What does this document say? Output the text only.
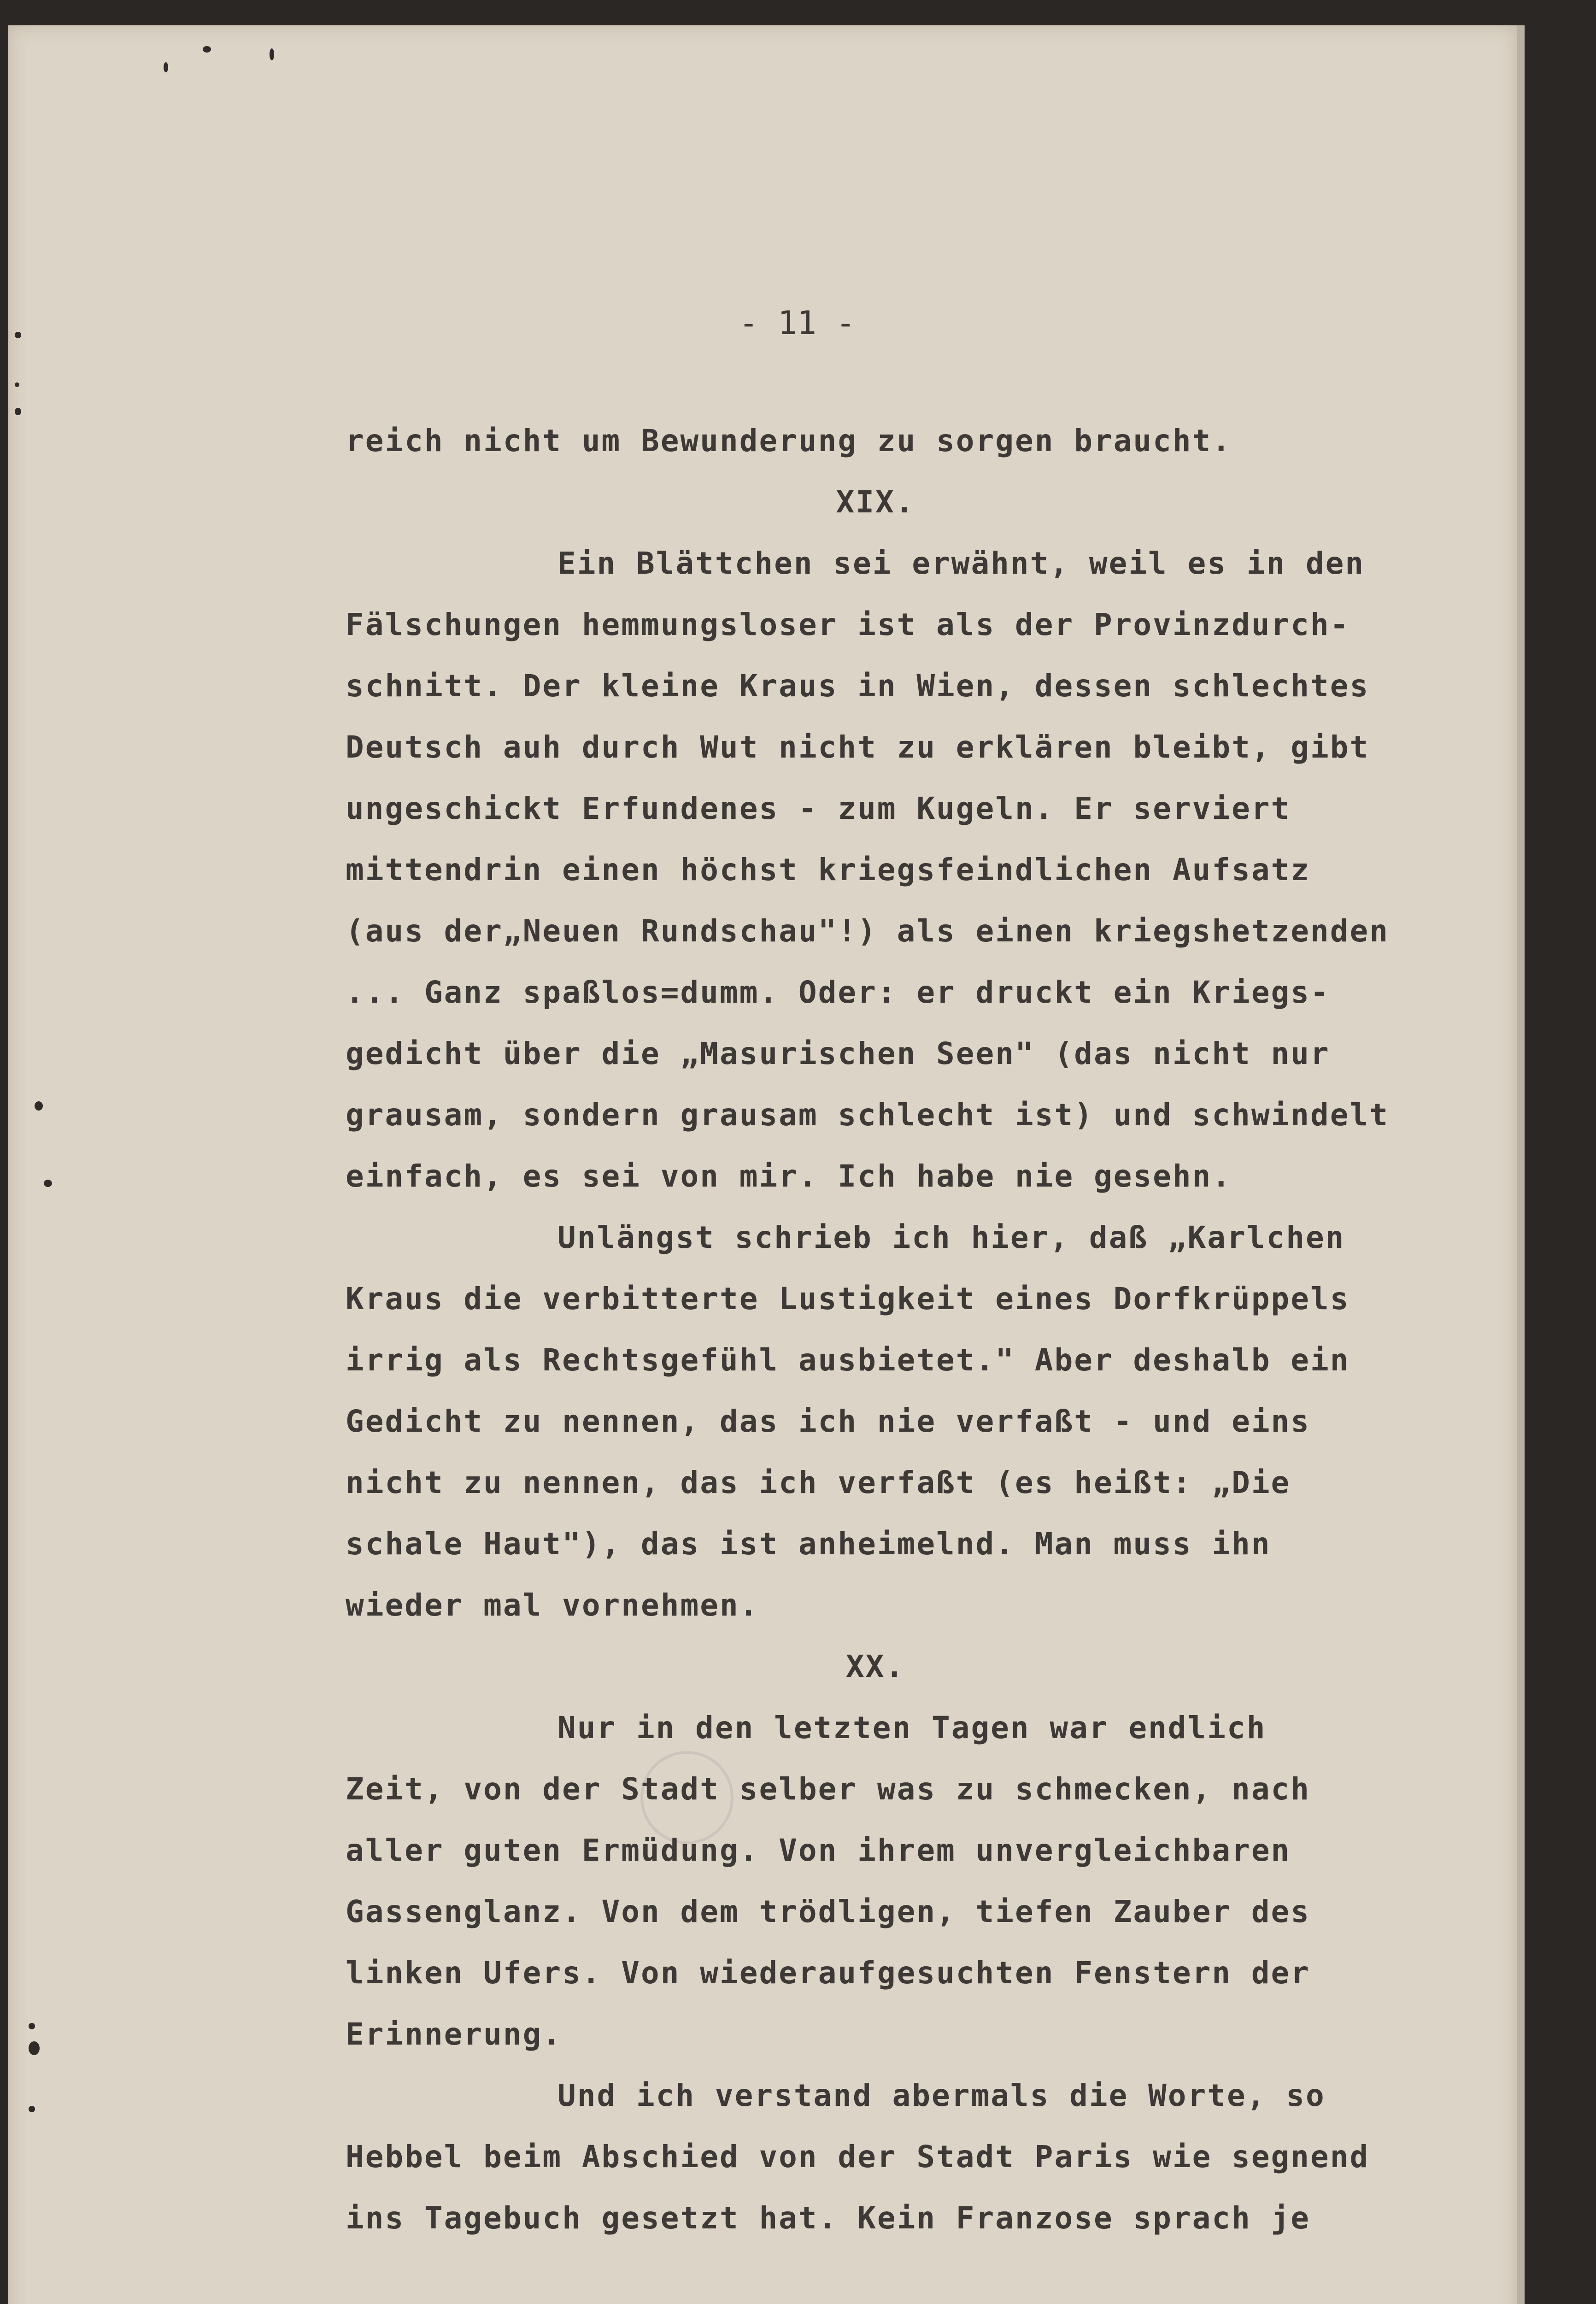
- 11 -
reich nicht um Bewunderung zu sorgen braucht.
XIX.
Ein Blättchen sei erwähnt, weil es in den
Fälschungen hemmungsloser ist als der Provinzdurch-
schnitt. Der kleine Kraus in Wien, dessen schlechtes
Deutsch auh durch Wut nicht zu erklären bleibt, gibt
ungeschickt Erfundenes - zum Kugeln. Er serviert
mittendrin einen höchst kriegsfeindlichen Aufsatz
(aus der„Neuen Rundschau"!) als einen kriegshetzenden
... Ganz spaßlos=dumm. Oder: er druckt ein Kriegs-
gedicht über die „Masurischen Seen" (das nicht nur
grausam, sondern grausam schlecht ist) und schwindelt
einfach, es sei von mir. Ich habe nie gesehn.
Unlängst schrieb ich hier, daß „Karlchen
Kraus die verbitterte Lustigkeit eines Dorfkrüppels
irrig als Rechtsgefühl ausbietet." Aber deshalb ein
Gedicht zu nennen, das ich nie verfaßt - und eins
nicht zu nennen, das ich verfaßt (es heißt: „Die
schale Haut"), das ist anheimelnd. Man muss ihn
wieder mal vornehmen.
XX.
Nur in den letzten Tagen war endlich
Zeit, von der Stadt selber was zu schmecken, nach
aller guten Ermüdung. Von ihrem unvergleichbaren
Gassenglanz. Von dem trödligen, tiefen Zauber des
linken Ufers. Von wiederaufgesuchten Fenstern der
Erinnerung.
Und ich verstand abermals die Worte, so
Hebbel beim Abschied von der Stadt Paris wie segnend
ins Tagebuch gesetzt hat. Kein Franzose sprach je
